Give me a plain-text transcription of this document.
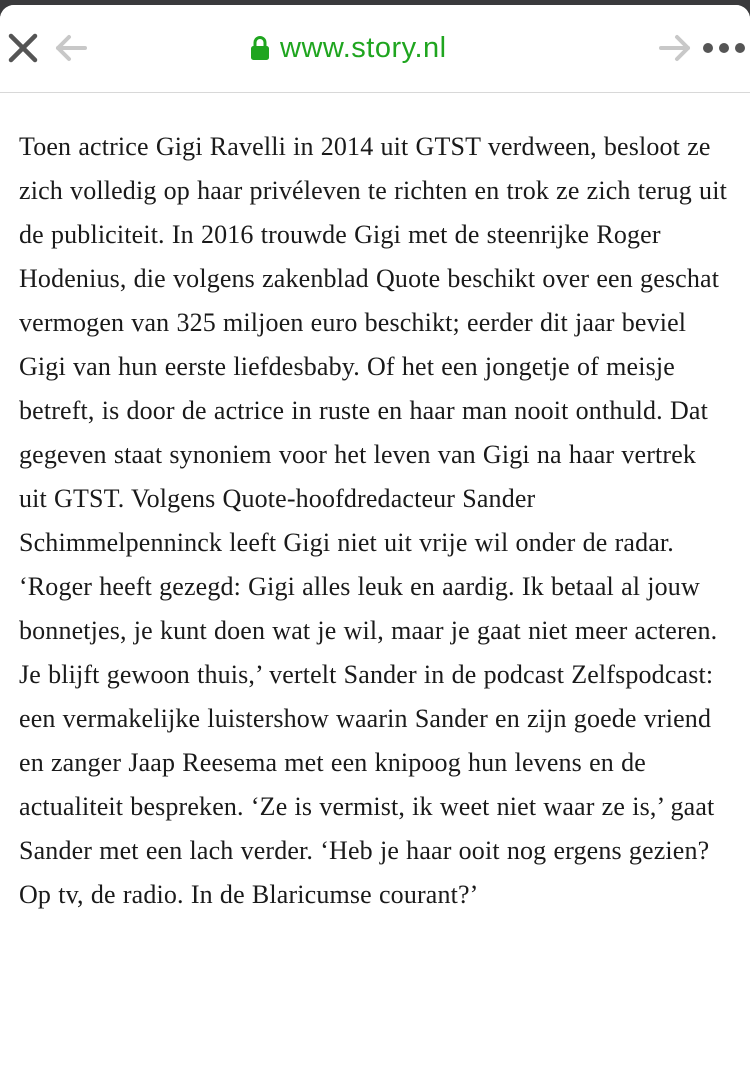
www.story.nl

Toen actrice Gigi Ravelli in 2014 uit GTST verdween, besloot ze zich volledig op haar privéleven te richten en trok ze zich terug uit de publiciteit. In 2016 trouwde Gigi met de steenrijke Roger Hodenius, die volgens zakenblad Quote beschikt over een geschat vermogen van 325 miljoen euro beschikt; eerder dit jaar beviel Gigi van hun eerste liefdesbaby. Of het een jongetje of meisje betreft, is door de actrice in ruste en haar man nooit onthuld. Dat gegeven staat synoniem voor het leven van Gigi na haar vertrek uit GTST. Volgens Quote-hoofdredacteur Sander Schimmelpenninck leeft Gigi niet uit vrije wil onder de radar. ‘Roger heeft gezegd: Gigi alles leuk en aardig. Ik betaal al jouw bonnetjes, je kunt doen wat je wil, maar je gaat niet meer acteren. Je blijft gewoon thuis,’ vertelt Sander in de podcast Zelfspodcast: een vermakelijke luistershow waarin Sander en zijn goede vriend en zanger Jaap Reesema met een knipoog hun levens en de actualiteit bespreken. ‘Ze is vermist, ik weet niet waar ze is,’ gaat Sander met een lach verder. ‘Heb je haar ooit nog ergens gezien? Op tv, de radio. In de Blaricumse courant?’
